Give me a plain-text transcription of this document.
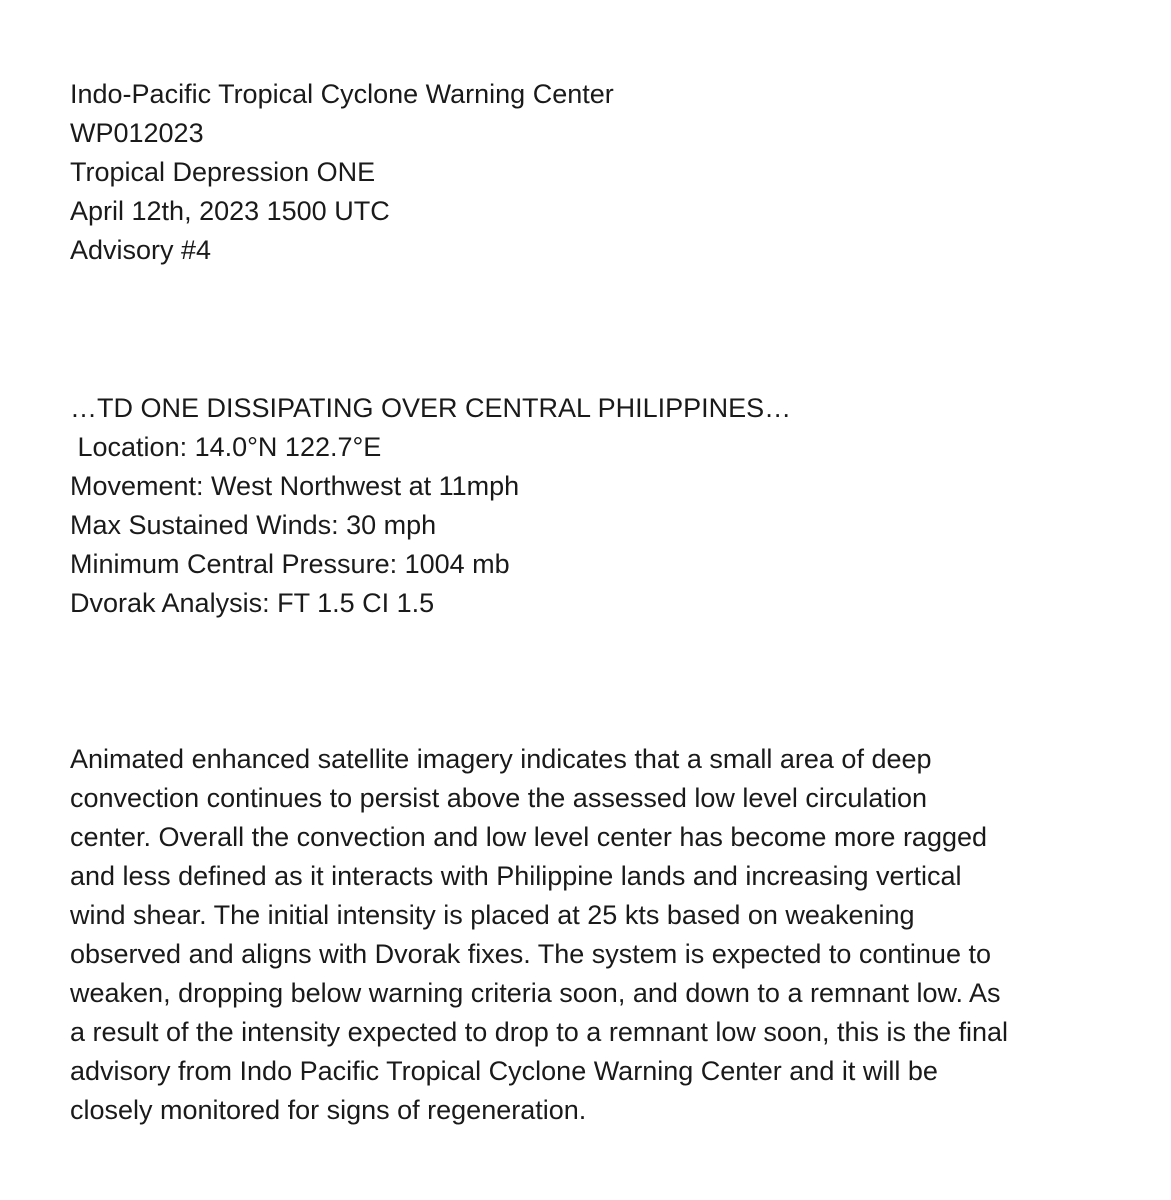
Indo-Pacific Tropical Cyclone Warning Center
WP012023
Tropical Depression ONE
April 12th, 2023 1500 UTC
Advisory #4
…TD ONE DISSIPATING OVER CENTRAL PHILIPPINES…
Location: 14.0°N 122.7°E
Movement: West Northwest at 11mph
Max Sustained Winds: 30 mph
Minimum Central Pressure: 1004 mb
Dvorak Analysis: FT 1.5 CI 1.5
Animated enhanced satellite imagery indicates that a small area of deep
convection continues to persist above the assessed low level circulation
center. Overall the convection and low level center has become more ragged
and less defined as it interacts with Philippine lands and increasing vertical
wind shear. The initial intensity is placed at 25 kts based on weakening
observed and aligns with Dvorak fixes. The system is expected to continue to
weaken, dropping below warning criteria soon, and down to a remnant low. As
a result of the intensity expected to drop to a remnant low soon, this is the final
advisory from Indo Pacific Tropical Cyclone Warning Center and it will be
closely monitored for signs of regeneration.
